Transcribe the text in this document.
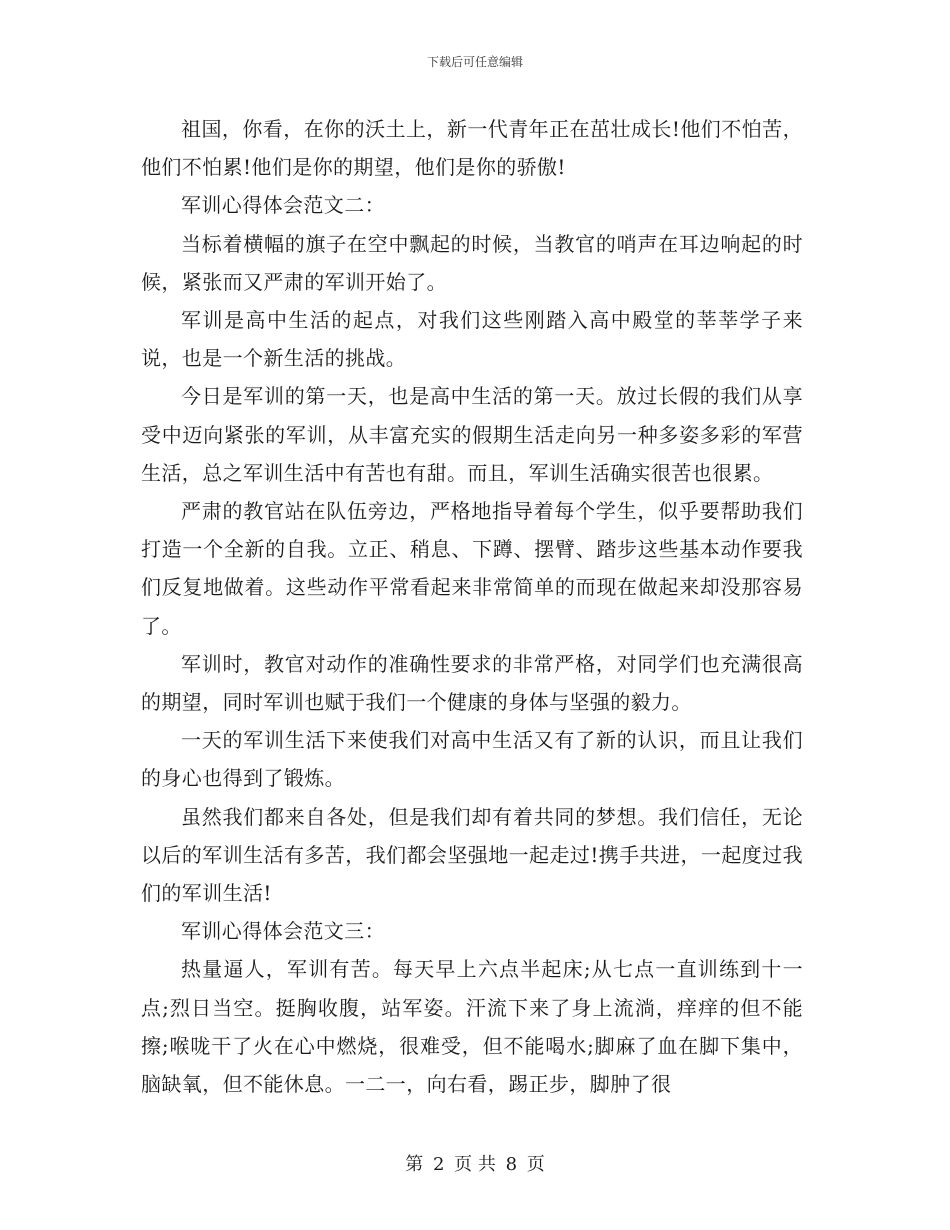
下载后可任意编辑

祖国，你看，在你的沃土上，新一代青年正在茁壮成长!他们不怕苦，他们不怕累!他们是你的期望，他们是你的骄傲!

军训心得体会范文二：

当标着横幅的旗子在空中飘起的时候，当教官的哨声在耳边响起的时候，紧张而又严肃的军训开始了。

军训是高中生活的起点，对我们这些刚踏入高中殿堂的莘莘学子来说，也是一个新生活的挑战。

今日是军训的第一天，也是高中生活的第一天。放过长假的我们从享受中迈向紧张的军训，从丰富充实的假期生活走向另一种多姿多彩的军营生活，总之军训生活中有苦也有甜。而且，军训生活确实很苦也很累。

严肃的教官站在队伍旁边，严格地指导着每个学生，似乎要帮助我们打造一个全新的自我。立正、稍息、下蹲、摆臂、踏步这些基本动作要我们反复地做着。这些动作平常看起来非常简单的而现在做起来却没那容易了。

军训时，教官对动作的准确性要求的非常严格，对同学们也充满很高的期望，同时军训也赋于我们一个健康的身体与坚强的毅力。

一天的军训生活下来使我们对高中生活又有了新的认识，而且让我们的身心也得到了锻炼。

虽然我们都来自各处，但是我们却有着共同的梦想。我们信任，无论以后的军训生活有多苦，我们都会坚强地一起走过!携手共进，一起度过我们的军训生活!

军训心得体会范文三：

热量逼人，军训有苦。每天早上六点半起床;从七点一直训练到十一点;烈日当空。挺胸收腹，站军姿。汗流下来了身上流淌，痒痒的但不能擦;喉咙干了火在心中燃烧，很难受，但不能喝水;脚麻了血在脚下集中，脑缺氧，但不能休息。一二一，向右看，踢正步，脚肿了很

第 2 页 共 8 页
